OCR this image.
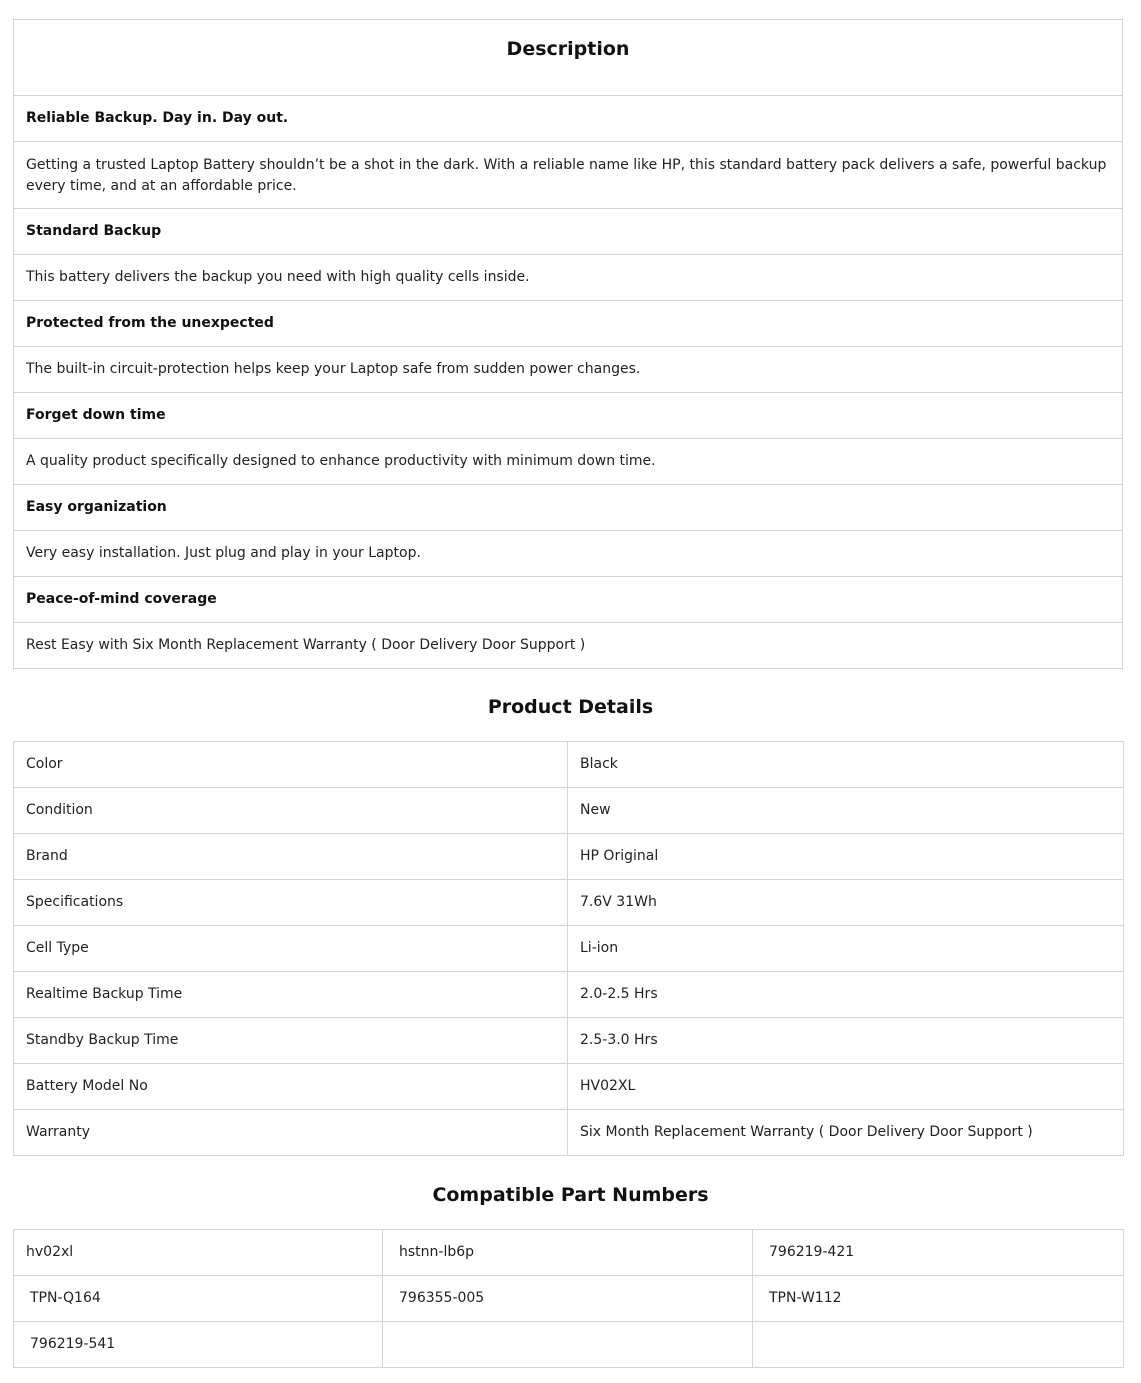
Description
Reliable Backup. Day in. Day out.
Getting a trusted Laptop Battery shouldn’t be a shot in the dark. With a reliable name like HP, this standard battery pack delivers a safe, powerful backup every time, and at an affordable price.
Standard Backup
This battery delivers the backup you need with high quality cells inside.
Protected from the unexpected
The built-in circuit-protection helps keep your Laptop safe from sudden power changes.
Forget down time
A quality product specifically designed to enhance productivity with minimum down time.
Easy organization
Very easy installation. Just plug and play in your Laptop.
Peace-of-mind coverage
Rest Easy with Six Month Replacement Warranty ( Door Delivery Door Support )
Product Details
Color	Black
Condition	New
Brand	HP Original
Specifications	7.6V 31Wh
Cell Type	Li-ion
Realtime Backup Time	2.0-2.5 Hrs
Standby Backup Time	2.5-3.0 Hrs
Battery Model No	HV02XL
Warranty	Six Month Replacement Warranty ( Door Delivery Door Support )
Compatible Part Numbers
hv02xl	hstnn-lb6p	796219-421
TPN-Q164	796355-005	TPN-W112
796219-541		
